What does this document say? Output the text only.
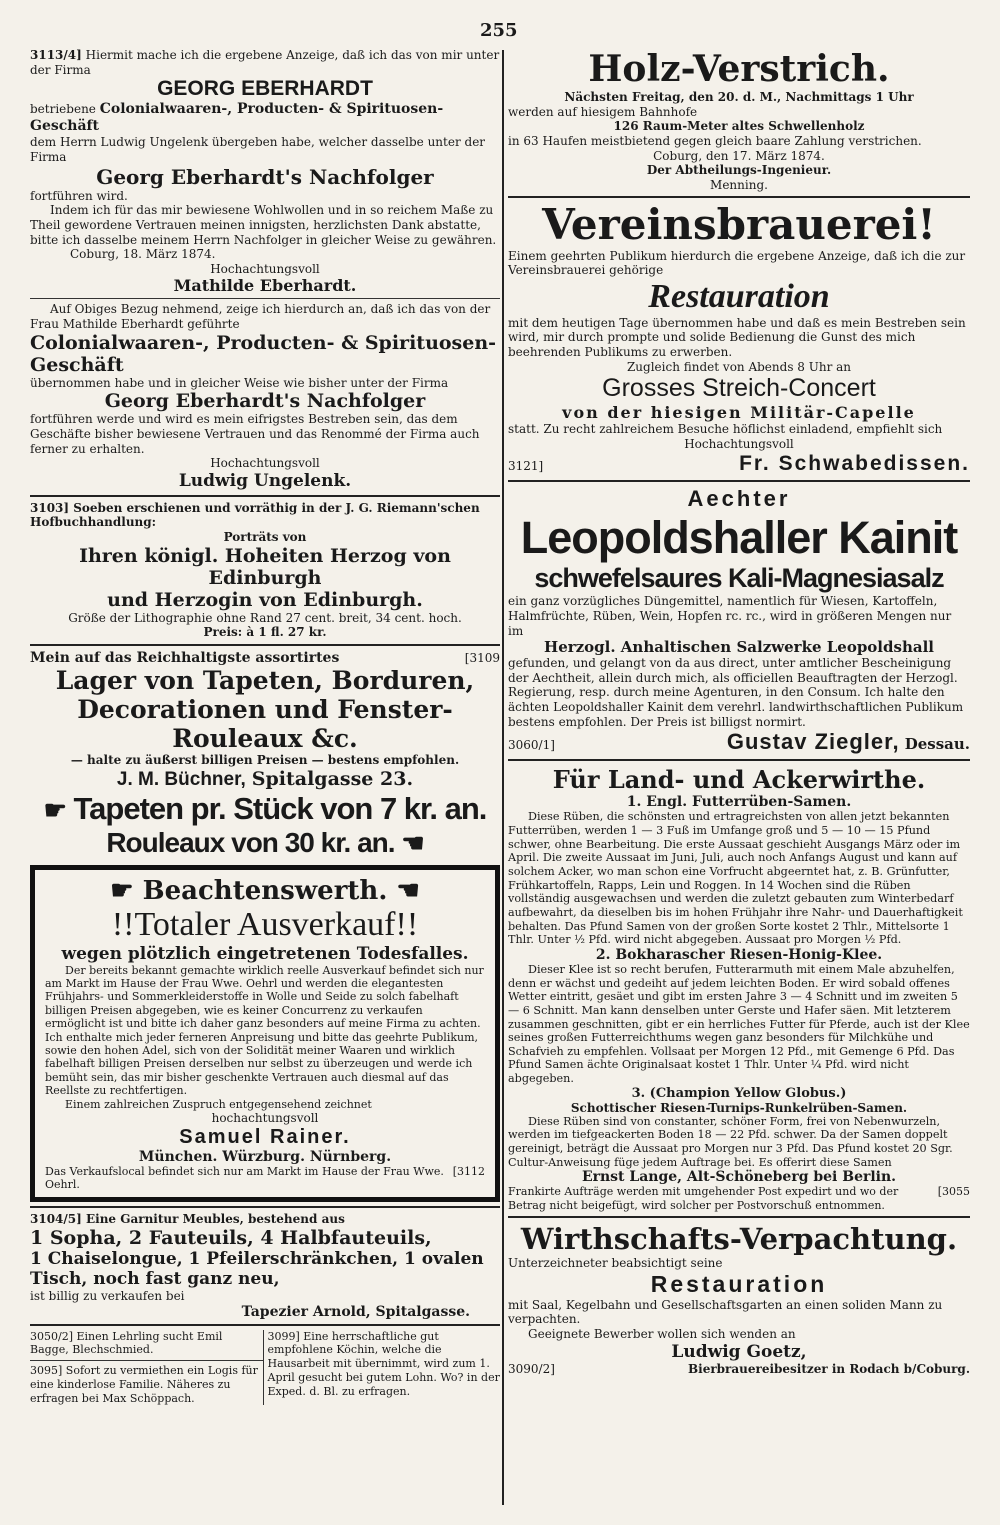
255

3113/4] Hiermit mache ich die ergebene Anzeige, daß ich das von mir unter der Firma

GEORG EBERHARDT

betriebene Colonialwaaren-, Producten- & Spirituosen-Geschäft

dem Herrn Ludwig Ungelenk übergeben habe, welcher dasselbe unter der Firma

Georg Eberhardt's Nachfolger

fortführen wird.

Indem ich für das mir bewiesene Wohlwollen und in so reichem Maße zu Theil gewordene Vertrauen meinen innigsten, herzlichsten Dank abstatte, bitte ich dasselbe meinem Herrn Nachfolger in gleicher Weise zu gewähren.

Coburg, 18. März 1874.

Hochachtungsvoll

Mathilde Eberhardt.

Auf Obiges Bezug nehmend, zeige ich hierdurch an, daß ich das von der Frau Mathilde Eberhardt geführte

Colonialwaaren-, Producten- & Spirituosen-Geschäft

übernommen habe und in gleicher Weise wie bisher unter der Firma

Georg Eberhardt's Nachfolger

fortführen werde und wird es mein eifrigstes Bestreben sein, das dem Geschäfte bisher bewiesene Vertrauen und das Renommé der Firma auch ferner zu erhalten.

Hochachtungsvoll

Ludwig Ungelenk.

3103] Soeben erschienen und vorräthig in der J. G. Riemann'schen Hofbuchhandlung:

Porträts von

Ihren königl. Hoheiten Herzog von Edinburgh

und Herzogin von Edinburgh.

Größe der Lithographie ohne Rand 27 cent. breit, 34 cent. hoch.

Preis: à 1 fl. 27 kr.

Mein auf das Reichhaltigste assortirtes	[3109

Lager von Tapeten, Borduren,

Decorationen und Fenster-Rouleaux &c.

— halte zu äußerst billigen Preisen — bestens empfohlen.

J. M. Büchner, Spitalgasse 23.

☛ Tapeten pr. Stück von 7 kr. an.

Rouleaux von 30 kr. an. ☚

☛ Beachtenswerth. ☚

!!Totaler Ausverkauf!!

wegen plötzlich eingetretenen Todesfalles.

Der bereits bekannt gemachte wirklich reelle Ausverkauf befindet sich nur am Markt im Hause der Frau Wwe. Oehrl und werden die elegantesten Frühjahrs- und Sommerkleiderstoffe in Wolle und Seide zu solch fabelhaft billigen Preisen abgegeben, wie es keiner Concurrenz zu verkaufen ermöglicht ist und bitte ich daher ganz besonders auf meine Firma zu achten. Ich enthalte mich jeder ferneren Anpreisung und bitte das geehrte Publikum, sowie den hohen Adel, sich von der Solidität meiner Waaren und wirklich fabelhaft billigen Preisen derselben nur selbst zu überzeugen und werde ich bemüht sein, das mir bisher geschenkte Vertrauen auch diesmal auf das Reellste zu rechtfertigen.

Einem zahlreichen Zuspruch entgegensehend zeichnet

hochachtungsvoll

Samuel Rainer.

München. Würzburg. Nürnberg.

Das Verkaufslocal befindet sich nur am Markt im Hause der Frau Wwe. Oehrl.

[3112

3104/5] Eine Garnitur Meubles, bestehend aus

1 Sopha, 2 Fauteuils, 4 Halbfauteuils,

1 Chaiselongue, 1 Pfeilerschränkchen, 1 ovalen Tisch, noch fast ganz neu,

ist billig zu verkaufen bei

Tapezier Arnold, Spitalgasse.

3050/2] Einen Lehrling sucht Emil Bagge, Blechschmied.

3095] Sofort zu vermiethen ein Logis für eine kinderlose Familie. Näheres zu erfragen bei Max Schöppach.

3099] Eine herrschaftliche gut empfohlene Köchin, welche die Hausarbeit mit übernimmt, wird zum 1. April gesucht bei gutem Lohn. Wo? in der Exped. d. Bl. zu erfragen.

Holz-Verstrich.

Nächsten Freitag, den 20. d. M., Nachmittags 1 Uhr

werden auf hiesigem Bahnhofe

126 Raum-Meter altes Schwellenholz

in 63 Haufen meistbietend gegen gleich baare Zahlung verstrichen.

Coburg, den 17. März 1874.

Der Abtheilungs-Ingenieur.

Menning.

Vereinsbrauerei!

Einem geehrten Publikum hierdurch die ergebene Anzeige, daß ich die zur Vereinsbrauerei gehörige

Restauration

mit dem heutigen Tage übernommen habe und daß es mein Bestreben sein wird, mir durch prompte und solide Bedienung die Gunst des mich beehrenden Publikums zu erwerben.

Zugleich findet von Abends 8 Uhr an

Grosses Streich-Concert

von der hiesigen Militär-Capelle

statt. Zu recht zahlreichem Besuche höflichst einladend, empfiehlt sich

Hochachtungsvoll

3121]	Fr. Schwabedissen.

Aechter

Leopoldshaller Kainit

schwefelsaures Kali-Magnesiasalz

ein ganz vorzügliches Düngemittel, namentlich für Wiesen, Kartoffeln, Halmfrüchte, Rüben, Wein, Hopfen rc. rc., wird in größeren Mengen nur im

Herzogl. Anhaltischen Salzwerke Leopoldshall

gefunden, und gelangt von da aus direct, unter amtlicher Bescheinigung der Aechtheit, allein durch mich, als officiellen Beauftragten der Herzogl. Regierung, resp. durch meine Agenturen, in den Consum. Ich halte den ächten Leopoldshaller Kainit dem verehrl. landwirthschaftlichen Publikum bestens empfohlen. Der Preis ist billigst normirt.

3060/1]	Gustav Ziegler, Dessau.

Für Land- und Ackerwirthe.

1. Engl. Futterrüben-Samen.

Diese Rüben, die schönsten und ertragreichsten von allen jetzt bekannten Futterrüben, werden 1 — 3 Fuß im Umfange groß und 5 — 10 — 15 Pfund schwer, ohne Bearbeitung. Die erste Aussaat geschieht Ausgangs März oder im April. Die zweite Aussaat im Juni, Juli, auch noch Anfangs August und kann auf solchem Acker, wo man schon eine Vorfrucht abgeerntet hat, z. B. Grünfutter, Frühkartoffeln, Rapps, Lein und Roggen. In 14 Wochen sind die Rüben vollständig ausgewachsen und werden die zuletzt gebauten zum Winterbedarf aufbewahrt, da dieselben bis im hohen Frühjahr ihre Nahr- und Dauerhaftigkeit behalten. Das Pfund Samen von der großen Sorte kostet 2 Thlr., Mittelsorte 1 Thlr. Unter ½ Pfd. wird nicht abgegeben. Aussaat pro Morgen ½ Pfd.

2. Bokharascher Riesen-Honig-Klee.

Dieser Klee ist so recht berufen, Futterarmuth mit einem Male abzuhelfen, denn er wächst und gedeiht auf jedem leichten Boden. Er wird sobald offenes Wetter eintritt, gesäet und gibt im ersten Jahre 3 — 4 Schnitt und im zweiten 5 — 6 Schnitt. Man kann denselben unter Gerste und Hafer säen. Mit letzterem zusammen geschnitten, gibt er ein herrliches Futter für Pferde, auch ist der Klee seines großen Futterreichthums wegen ganz besonders für Milchkühe und Schafvieh zu empfehlen. Vollsaat per Morgen 12 Pfd., mit Gemenge 6 Pfd. Das Pfund Samen ächte Originalsaat kostet 1 Thlr. Unter ¼ Pfd. wird nicht abgegeben.

3. (Champion Yellow Globus.)

Schottischer Riesen-Turnips-Runkelrüben-Samen.

Diese Rüben sind von constanter, schöner Form, frei von Nebenwurzeln, werden im tiefgeackerten Boden 18 — 22 Pfd. schwer. Da der Samen doppelt gereinigt, beträgt die Aussaat pro Morgen nur 3 Pfd. Das Pfund kostet 20 Sgr. Cultur-Anweisung füge jedem Auftrage bei. Es offerirt diese Samen

Ernst Lange, Alt-Schöneberg bei Berlin.

Frankirte Aufträge werden mit umgehender Post expedirt und wo der Betrag nicht beigefügt, wird solcher per Postvorschuß entnommen.

[3055

Wirthschafts-Verpachtung.

Unterzeichneter beabsichtigt seine

Restauration

mit Saal, Kegelbahn und Gesellschaftsgarten an einen soliden Mann zu verpachten.

Geeignete Bewerber wollen sich wenden an

Ludwig Goetz,

3090/2]	Bierbrauereibesitzer in Rodach b/Coburg.
